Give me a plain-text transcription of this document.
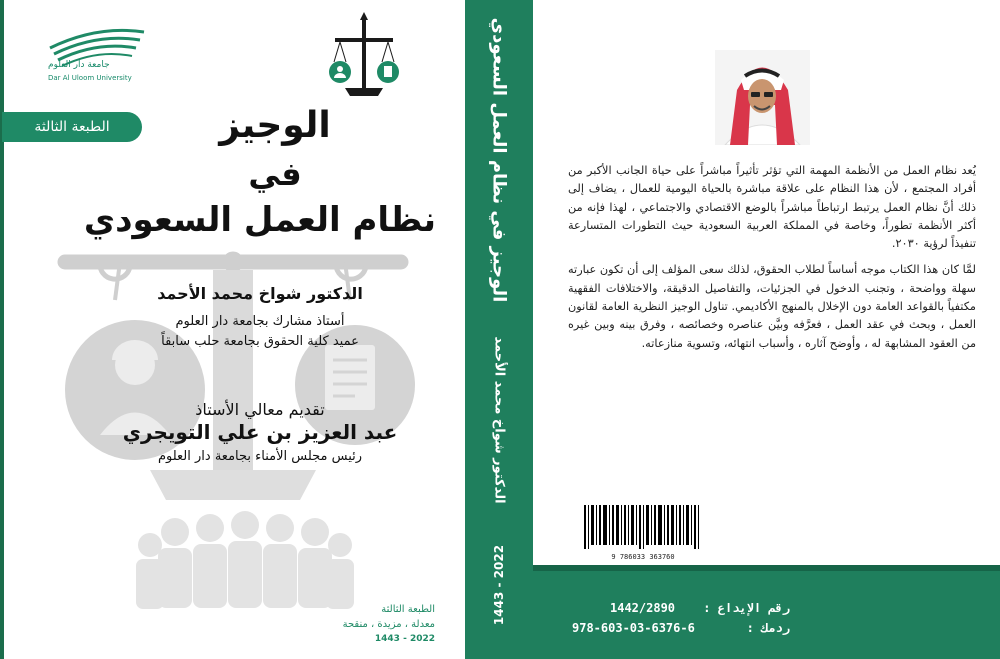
جامعة دار العلوم
Dar Al Uloom University
الطبعة الثالثة	الوجيز
في
نظام العمل السعودي
الدكتور شواخ محمد الأحمد
أستاذ مشارك بجامعة دار العلوم
عميد كلية الحقوق بجامعة حلب سابقاً
تقديم معالي الأستاذ
عبد العزيز بن علي التويجري
رئيس مجلس الأمناء بجامعة دار العلوم
الطبعة الثالثة
معدلة ، مزيدة ، منقحة
1443 - 2022
الوجيز في نظام العمل السعودي
الدكتور شواخ محمد الأحمد
1443 - 2022

يُعد نظام العمل من الأنظمة المهمة التي تؤثر تأثيراً مباشراً على حياة الجانب الأكبر من أفراد المجتمع ، لأن هذا النظام على علاقة مباشرة بالحياة اليومية للعمال ، يضاف إلى ذلك أنَّ نظام العمل يرتبط ارتباطاً مباشراً بالوضع الاقتصادي والاجتماعي ، لهذا فإنه من أكثر الأنظمة تطوراً، وخاصة في المملكة العربية السعودية حيث التطورات المتسارعة تنفيذاً لرؤية ٢٠٣٠.

لمَّا كان هذا الكتاب موجه أساساً لطلاب الحقوق، لذلك سعى المؤلف إلى أن تكون عبارته سهلة وواضحة ، وتجنب الدخول في الجزئيات، والتفاصيل الدقيقة، والاختلافات الفقهية مكتفياً بالقواعد العامة دون الإخلال بالمنهج الأكاديمي. تناول الوجيز النظرية العامة لقانون العمل ، وبحث في عقد العمل ، فعرَّفه وبيَّن عناصره وخصائصه ، وفرق بينه وبين غيره من العقود المشابهة له ، وأوضح آثاره ، وأسباب انتهائه، وتسوية منازعاته.

9 786033 363760
1442/2890 رقم الإيداع :
978-603-03-6376-6	ردمك :
